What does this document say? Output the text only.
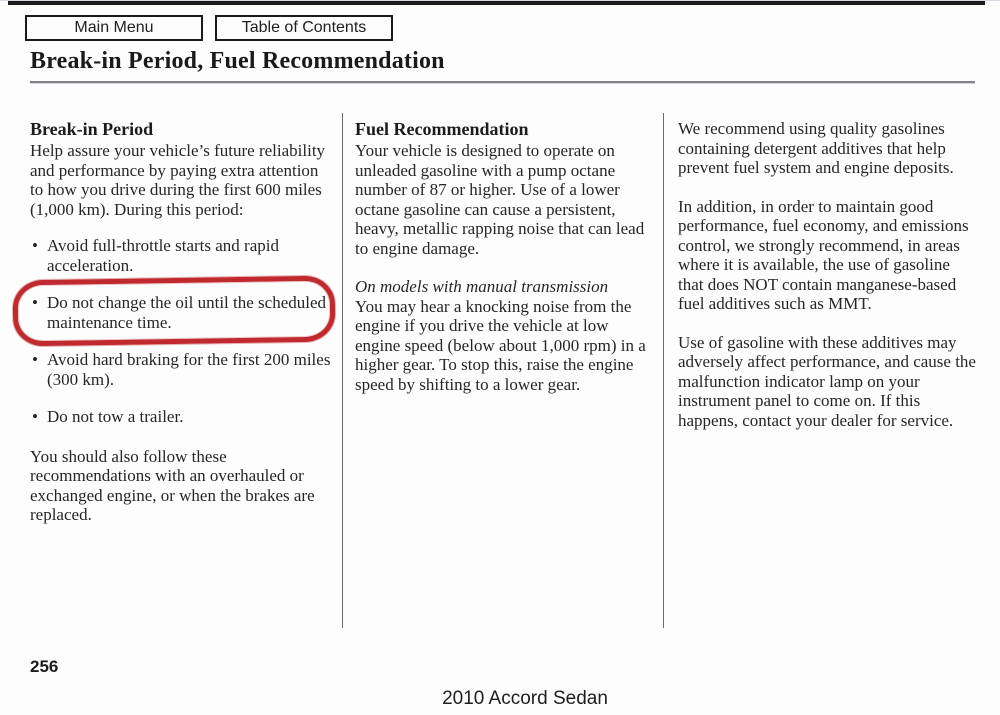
Main Menu	Table of Contents
Break-in Period, Fuel Recommendation
Break-in Period

Help assure your vehicle’s future reliability and performance by paying extra attention to how you drive during the first 600 miles (1,000 km). During this period:

• Avoid full-throttle starts and rapid acceleration.
• Do not change the oil until the scheduled maintenance time.
• Avoid hard braking for the first 200 miles (300 km).
• Do not tow a trailer.

You should also follow these recommendations with an overhauled or exchanged engine, or when the brakes are replaced.

Fuel Recommendation

Your vehicle is designed to operate on unleaded gasoline with a pump octane number of 87 or higher. Use of a lower octane gasoline can cause a persistent, heavy, metallic rapping noise that can lead to engine damage.

On models with manual transmission

You may hear a knocking noise from the engine if you drive the vehicle at low engine speed (below about 1,000 rpm) in a higher gear. To stop this, raise the engine speed by shifting to a lower gear.

We recommend using quality gasolines containing detergent additives that help prevent fuel system and engine deposits.

In addition, in order to maintain good performance, fuel economy, and emissions control, we strongly recommend, in areas where it is available, the use of gasoline that does NOT contain manganese-based fuel additives such as MMT.

Use of gasoline with these additives may adversely affect performance, and cause the malfunction indicator lamp on your instrument panel to come on. If this happens, contact your dealer for service.

256
2010 Accord Sedan
